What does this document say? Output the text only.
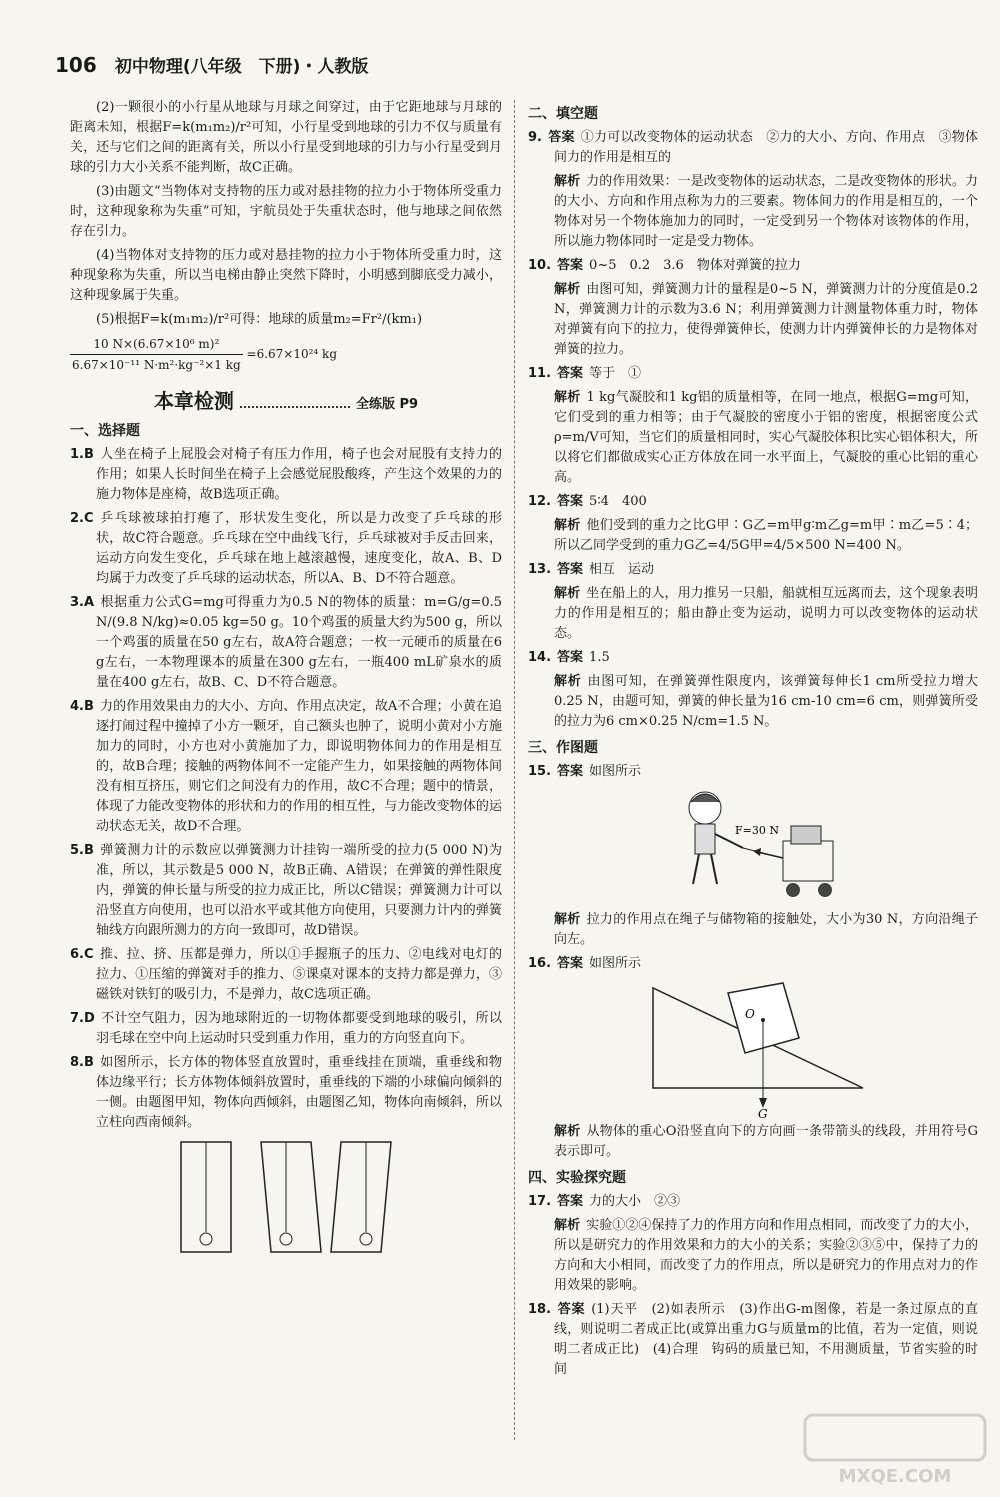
106 初中物理(八年级　下册)・人教版

(2)一颗很小的小行星从地球与月球之间穿过，由于它距地球与月球的距离未知，根据F=k(m₁m₂)/r²可知，小行星受到地球的引力不仅与质量有关，还与它们之间的距离有关，所以小行星受到地球的引力与小行星受到月球的引力大小关系不能判断，故C正确。

(3)由题文“当物体对支持物的压力或对悬挂物的拉力小于物体所受重力时，这种现象称为失重”可知，宇航员处于失重状态时，他与地球之间依然存在引力。

(4)当物体对支持物的压力或对悬挂物的拉力小于物体所受重力时，这种现象称为失重，所以当电梯由静止突然下降时，小明感到脚底受力减小，这种现象属于失重。

(5)根据F=k(m₁m₂)/r²可得：地球的质量m₂=Fr²/(km₁)

$\frac{\text{10 N×(6.67×10⁶ m)²}}{\text{6.67×10⁻¹¹ N·m²·kg⁻²×1 kg}} =6.67\times 10^{24}$ kg
本章检测	全练版 P9
一、选择题

1.B 人坐在椅子上屁股会对椅子有压力作用，椅子也会对屁股有支持力的作用；如果人长时间坐在椅子上会感觉屁股酸疼，产生这个效果的力的施力物体是座椅，故B选项正确。

2.C 乒乓球被球拍打瘪了，形状发生变化，所以是力改变了乒乓球的形状，故C符合题意。乒乓球在空中曲线飞行，乒乓球被对手反击回来，运动方向发生变化，乒乓球在地上越滚越慢，速度变化，故A、B、D均属于力改变了乒乓球的运动状态，所以A、B、D不符合题意。

3.A 根据重力公式G=mg可得重力为0.5 N的物体的质量：m=G/g=0.5 N/(9.8 N/kg)≈0.05 kg=50 g。10个鸡蛋的质量大约为500 g，所以一个鸡蛋的质量在50 g左右，故A符合题意；一枚一元硬币的质量在6 g左右，一本物理课本的质量在300 g左右，一瓶400 mL矿泉水的质量在400 g左右，故B、C、D不符合题意。

4.B 力的作用效果由力的大小、方向、作用点决定，故A不合理；小黄在追逐打闹过程中撞掉了小方一颗牙，自己额头也肿了，说明小黄对小方施加力的同时，小方也对小黄施加了力，即说明物体间力的作用是相互的，故B合理；接触的两物体间不一定能产生力，如果接触的两物体间没有相互挤压，则它们之间没有力的作用，故C不合理；题中的情景，体现了力能改变物体的形状和力的作用的相互性，与力能改变物体的运动状态无关，故D不合理。

5.B 弹簧测力计的示数应以弹簧测力计挂钩一端所受的拉力(5 000 N)为准，所以，其示数是5 000 N，故B正确、A错误；在弹簧的弹性限度内，弹簧的伸长量与所受的拉力成正比，所以C错误；弹簧测力计可以沿竖直方向使用，也可以沿水平或其他方向使用，只要测力计内的弹簧轴线方向跟所测力的方向一致即可，故D错误。

6.C 推、拉、挤、压都是弹力，所以①手握瓶子的压力、②电线对电灯的拉力、①压缩的弹簧对手的推力、⑤课桌对课本的支持力都是弹力，③磁铁对铁钉的吸引力，不是弹力，故C选项正确。

7.D 不计空气阻力，因为地球附近的一切物体都要受到地球的吸引，所以羽毛球在空中向上运动时只受到重力作用，重力的方向竖直向下。

8.B 如图所示，长方体的物体竖直放置时，重垂线挂在顶端，重垂线和物体边缘平行；长方体物体倾斜放置时，重垂线的下端的小球偏向倾斜的一侧。由题图甲知，物体向西倾斜，由题图乙知，物体向南倾斜，所以立柱向西南倾斜。

二、填空题

9. 答案 ①力可以改变物体的运动状态　②力的大小、方向、作用点　③物体间力的作用是相互的

解析 力的作用效果：一是改变物体的运动状态，二是改变物体的形状。力的大小、方向和作用点称为力的三要素。物体间力的作用是相互的，一个物体对另一个物体施加力的同时，一定受到另一个物体对该物体的作用，所以施力物体同时一定是受力物体。

10. 答案 0~5　0.2　3.6　物体对弹簧的拉力

解析 由图可知，弹簧测力计的量程是0~5 N，弹簧测力计的分度值是0.2 N，弹簧测力计的示数为3.6 N；利用弹簧测力计测量物体重力时，物体对弹簧有向下的拉力，使得弹簧伸长，使测力计内弹簧伸长的力是物体对弹簧的拉力。

11. 答案 等于　①

解析 1 kg气凝胶和1 kg铝的质量相等，在同一地点，根据G=mg可知，它们受到的重力相等；由于气凝胶的密度小于铝的密度，根据密度公式ρ=m/V可知，当它们的质量相同时，实心气凝胶体积比实心铝体积大，所以将它们都做成实心正方体放在同一水平面上，气凝胶的重心比铝的重心高。

12. 答案 5∶4　400

解析 他们受到的重力之比G甲∶G乙=m甲g∶m乙g=m甲∶m乙=5∶4；所以乙同学受到的重力G乙=4/5G甲=4/5×500 N=400 N。

13. 答案 相互　运动

解析 坐在船上的人，用力推另一只船，船就相互远离而去，这个现象表明力的作用是相互的；船由静止变为运动，说明力可以改变物体的运动状态。

14. 答案 1.5

解析 由图可知，在弹簧弹性限度内，该弹簧每伸长1 cm所受拉力增大0.25 N，由题可知，弹簧的伸长量为16 cm-10 cm=6 cm，则弹簧所受的拉力为6 cm×0.25 N/cm=1.5 N。

三、作图题

15. 答案 如图所示

F=30 N

解析 拉力的作用点在绳子与储物箱的接触处，大小为30 N，方向沿绳子向左。

16. 答案 如图所示

O
G

解析 从物体的重心O沿竖直向下的方向画一条带箭头的线段，并用符号G表示即可。

四、实验探究题

17. 答案 力的大小　②③

解析 实验①②④保持了力的作用方向和作用点相同，而改变了力的大小，所以是研究力的作用效果和力的大小的关系；实验②③⑤中，保持了力的方向和大小相同，而改变了力的作用点，所以是研究力的作用点对力的作用效果的影响。

18. 答案 (1)天平　(2)如表所示　(3)作出G-m图像，若是一条过原点的直线，则说明二者成正比(或算出重力G与质量m的比值，若为一定值，则说明二者成正比)　(4)合理　钩码的质量已知，不用测质量，节省实验的时间

MXQE.COM
